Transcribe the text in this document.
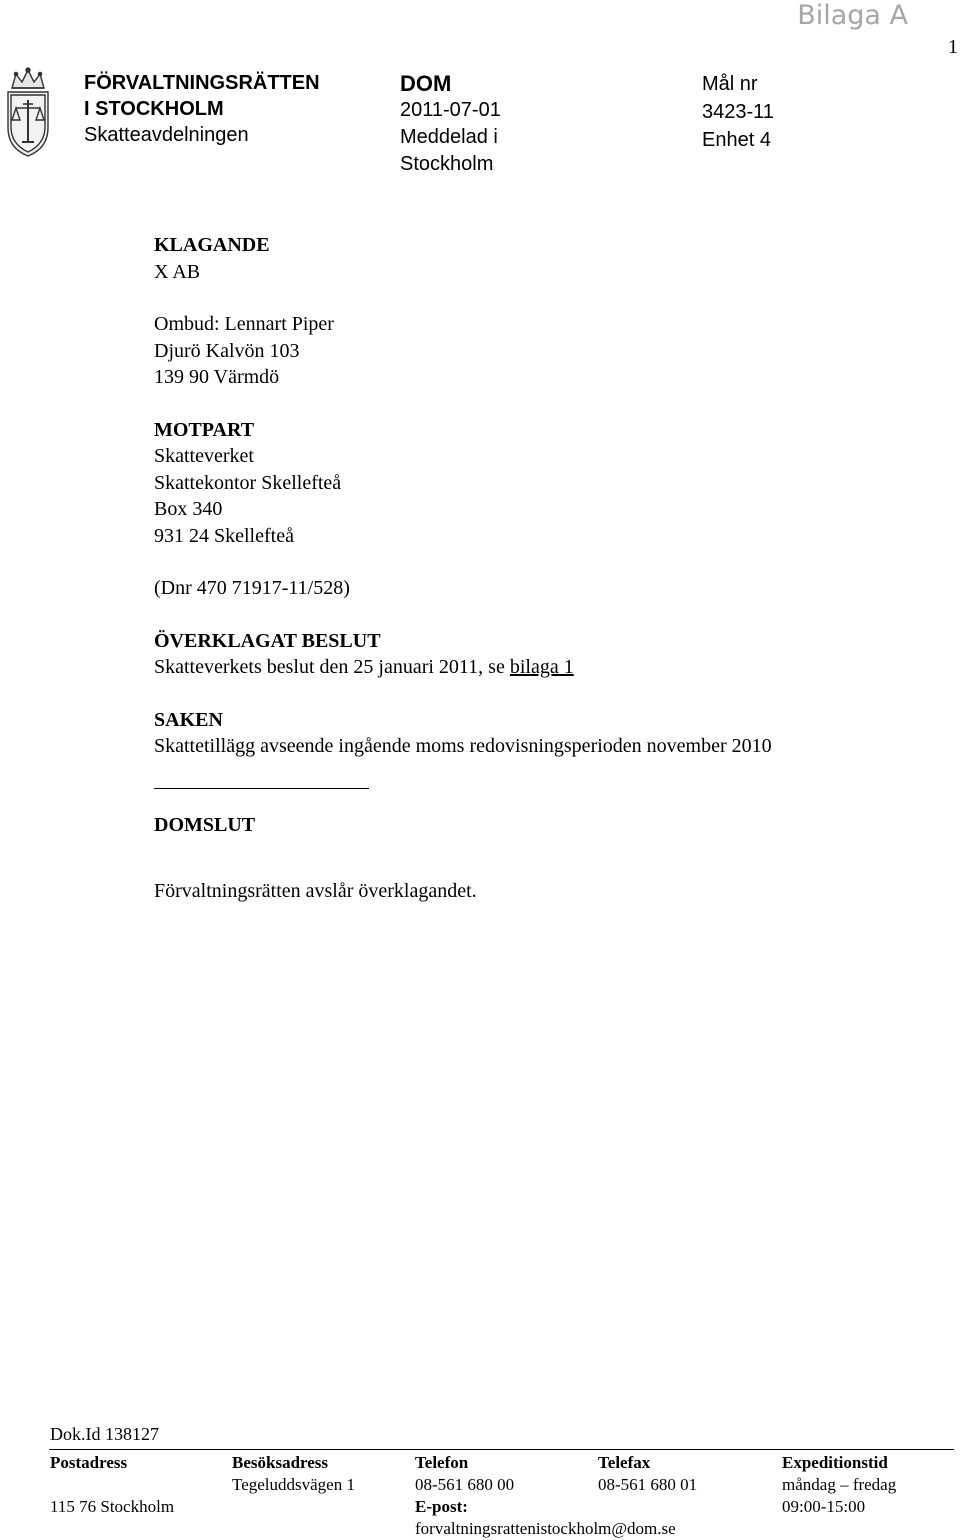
Bilaga A
1
FÖRVALTNINGSRÄTTEN
I STOCKHOLM
Skatteavdelningen
DOM
2011-07-01
Meddelad i
Stockholm
Mål nr
3423-11
Enhet 4
KLAGANDE
X AB
Ombud: Lennart Piper
Djurö Kalvön 103
139 90 Värmdö
MOTPART
Skatteverket
Skattekontor Skellefteå
Box 340
931 24 Skellefteå
(Dnr 470 71917-11/528)
ÖVERKLAGAT BESLUT
Skatteverkets beslut den 25 januari 2011, se bilaga 1
SAKEN
Skattetillägg avseende ingående moms redovisningsperioden november 2010
DOMSLUT
Förvaltningsrätten avslår överklagandet.
Dok.Id 138127
Postadress

115 76 Stockholm
Besöksadress
Tegeluddsvägen 1
Telefon
08-561 680 00
E-post:
forvaltningsrattenistockholm@dom.se
Telefax
08-561 680 01
Expeditionstid
måndag – fredag
09:00-15:00
